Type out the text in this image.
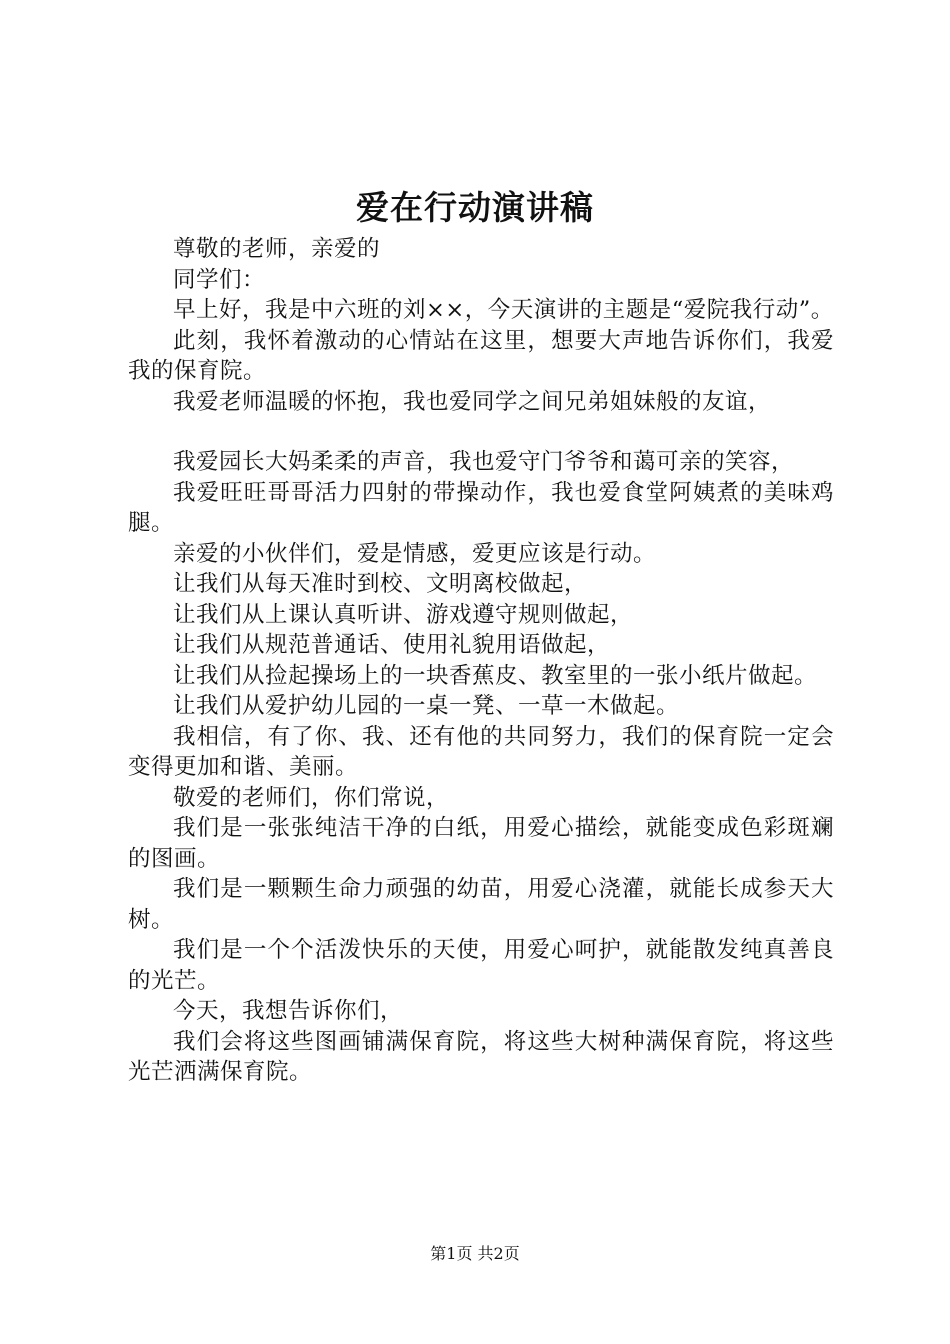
爱在行动演讲稿

尊敬的老师，亲爱的

同学们：

早上好，我是中六班的刘××，今天演讲的主题是“爱院我行动”。

此刻，我怀着激动的心情站在这里，想要大声地告诉你们，我爱我的保育院。

我爱老师温暖的怀抱，我也爱同学之间兄弟姐妹般的友谊，

我爱园长大妈柔柔的声音，我也爱守门爷爷和蔼可亲的笑容，

我爱旺旺哥哥活力四射的带操动作，我也爱食堂阿姨煮的美味鸡腿。

亲爱的小伙伴们，爱是情感，爱更应该是行动。

让我们从每天准时到校、文明离校做起，

让我们从上课认真听讲、游戏遵守规则做起，

让我们从规范普通话、使用礼貌用语做起，

让我们从捡起操场上的一块香蕉皮、教室里的一张小纸片做起。

让我们从爱护幼儿园的一桌一凳、一草一木做起。

我相信，有了你、我、还有他的共同努力，我们的保育院一定会变得更加和谐、美丽。

敬爱的老师们，你们常说，

我们是一张张纯洁干净的白纸，用爱心描绘，就能变成色彩斑斓的图画。

我们是一颗颗生命力顽强的幼苗，用爱心浇灌，就能长成参天大树。

我们是一个个活泼快乐的天使，用爱心呵护，就能散发纯真善良的光芒。

今天，我想告诉你们，

我们会将这些图画铺满保育院，将这些大树种满保育院，将这些光芒洒满保育院。

第1页 共2页
